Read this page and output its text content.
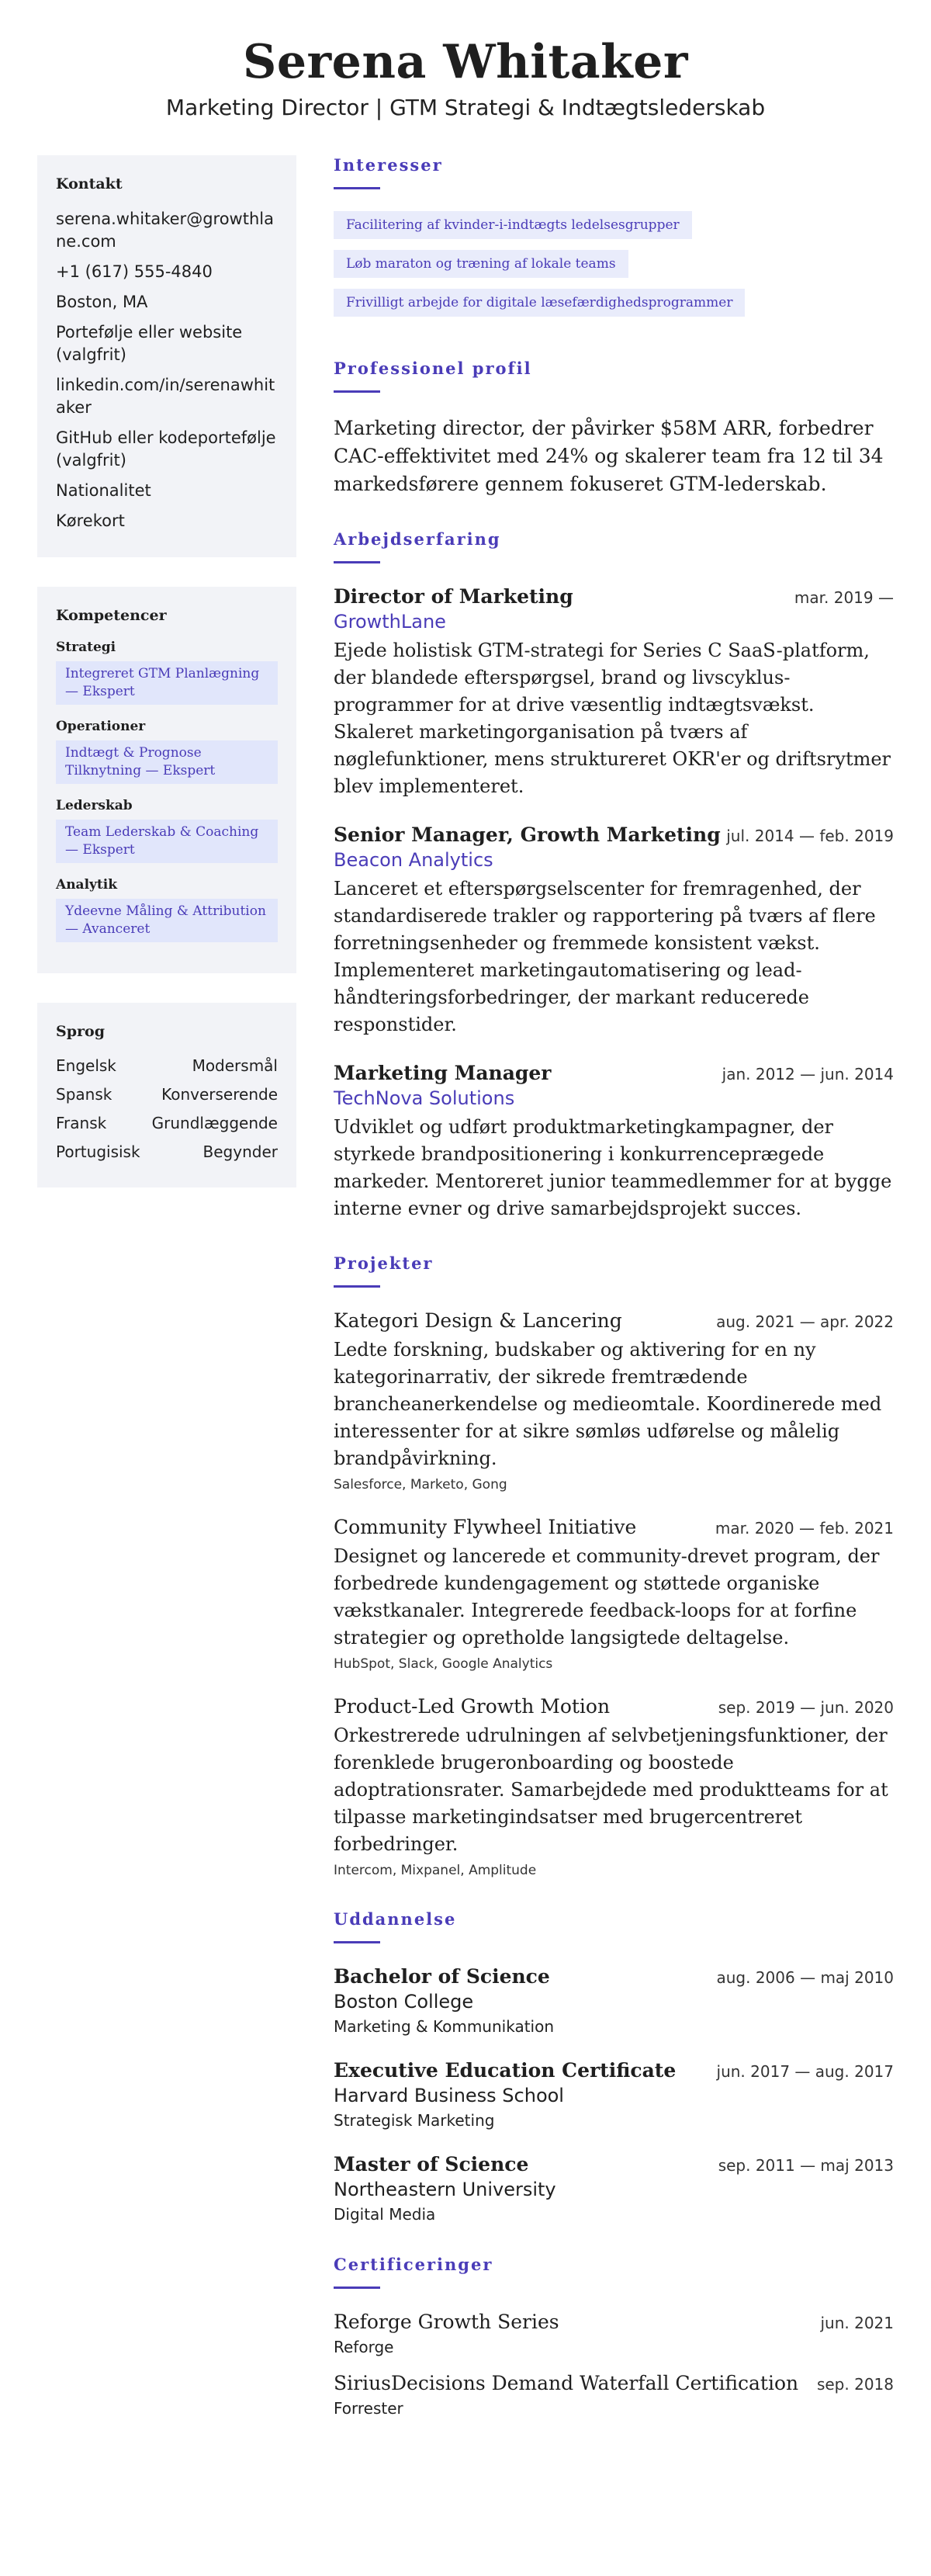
Serena Whitaker
Marketing Director | GTM Strategi & Indtægtslederskab
Kontakt
serena.whitaker@growthlane.com
+1 (617) 555-4840
Boston, MA
Portefølje eller website (valgfrit)
linkedin.com/in/serenawhitaker
GitHub eller kodeportefølje (valgfrit)
Nationalitet
Kørekort
Kompetencer
Strategi
Integreret GTM Planlægning — Ekspert
Operationer
Indtægt & Prognose Tilknytning — Ekspert
Lederskab
Team Lederskab & Coaching — Ekspert
Analytik
Ydeevne Måling & Attribution — Avanceret
Sprog
Engelsk	Modersmål
Spansk	Konverserende
Fransk	Grundlæggende
Portugisisk	Begynder
Interesser
Facilitering af kvinder-i-indtægts ledelsesgrupper
Løb maraton og træning af lokale teams
Frivilligt arbejde for digitale læsefærdighedsprogrammer
Professionel profil

Marketing director, der påvirker $58M ARR, forbedrer CAC-effektivitet med 24% og skalerer team fra 12 til 34 markedsførere gennem fokuseret GTM-lederskab.

Arbejdserfaring
Director of Marketing	mar. 2019 —
GrowthLane
Ejede holistisk GTM-strategi for Series C SaaS-platform, der blandede efterspørgsel, brand og livscyklus-programmer for at drive væsentlig indtægtsvækst. Skaleret marketingorganisation på tværs af nøglefunktioner, mens struktureret OKR'er og driftsrytmer blev implementeret.
Senior Manager, Growth Marketing jul. 2014 — feb. 2019
Beacon Analytics
Lanceret et efterspørgselscenter for fremragenhed, der standardiserede trakler og rapportering på tværs af flere forretningsenheder og fremmede konsistent vækst. Implementeret marketingautomatisering og lead-håndteringsforbedringer, der markant reducerede responstider.
Marketing Manager	jan. 2012 — jun. 2014
TechNova Solutions
Udviklet og udført produktmarketingkampagner, der styrkede brandpositionering i konkurrenceprægede markeder. Mentoreret junior teammedlemmer for at bygge interne evner og drive samarbejdsprojekt succes.
Projekter
Kategori Design & Lancering	aug. 2021 — apr. 2022
Ledte forskning, budskaber og aktivering for en ny kategorinarrativ, der sikrede fremtrædende brancheanerkendelse og medieomtale. Koordinerede med interessenter for at sikre sømløs udførelse og målelig brandpåvirkning.
Salesforce, Marketo, Gong
Community Flywheel Initiative	mar. 2020 — feb. 2021
Designet og lancerede et community-drevet program, der forbedrede kundengagement og støttede organiske vækstkanaler. Integrerede feedback-loops for at forfine strategier og opretholde langsigtede deltagelse.
HubSpot, Slack, Google Analytics
Product-Led Growth Motion	sep. 2019 — jun. 2020
Orkestrerede udrulningen af selvbetjeningsfunktioner, der forenklede brugeronboarding og boostede adoptrationsrater. Samarbejdede med produktteams for at tilpasse marketingindsatser med brugercentreret forbedringer.
Intercom, Mixpanel, Amplitude
Uddannelse
Bachelor of Science	aug. 2006 — maj 2010
Boston College
Marketing & Kommunikation
Executive Education Certificate	jun. 2017 — aug. 2017
Harvard Business School
Strategisk Marketing
Master of Science	sep. 2011 — maj 2013
Northeastern University
Digital Media
Certificeringer
Reforge Growth Series	jun. 2021
Reforge
SiriusDecisions Demand Waterfall Certification sep. 2018
Forrester
